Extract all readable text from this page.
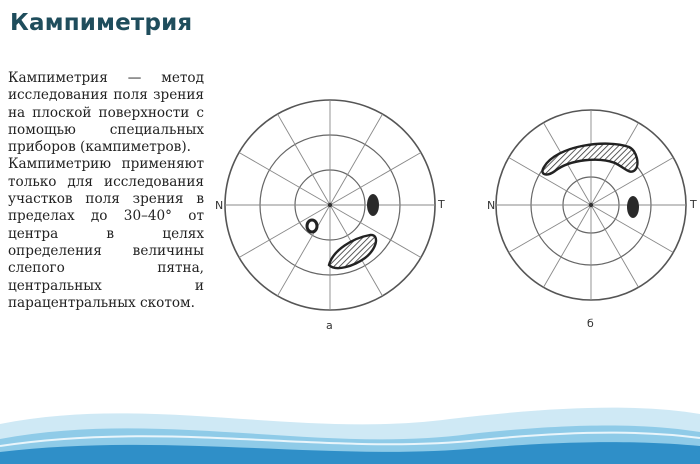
Кампиметрия

Кампиметрия — метод исследования поля зрения на плоской поверхности с помощью специальных приборов (кампиметров).

Кампиметрию применяют только для исследования участков поля зрения в пределах до 30–40° от центра в целях определения величины слепого пятна, центральных и парацентральных скотом.

N	T
а
N	T
б
